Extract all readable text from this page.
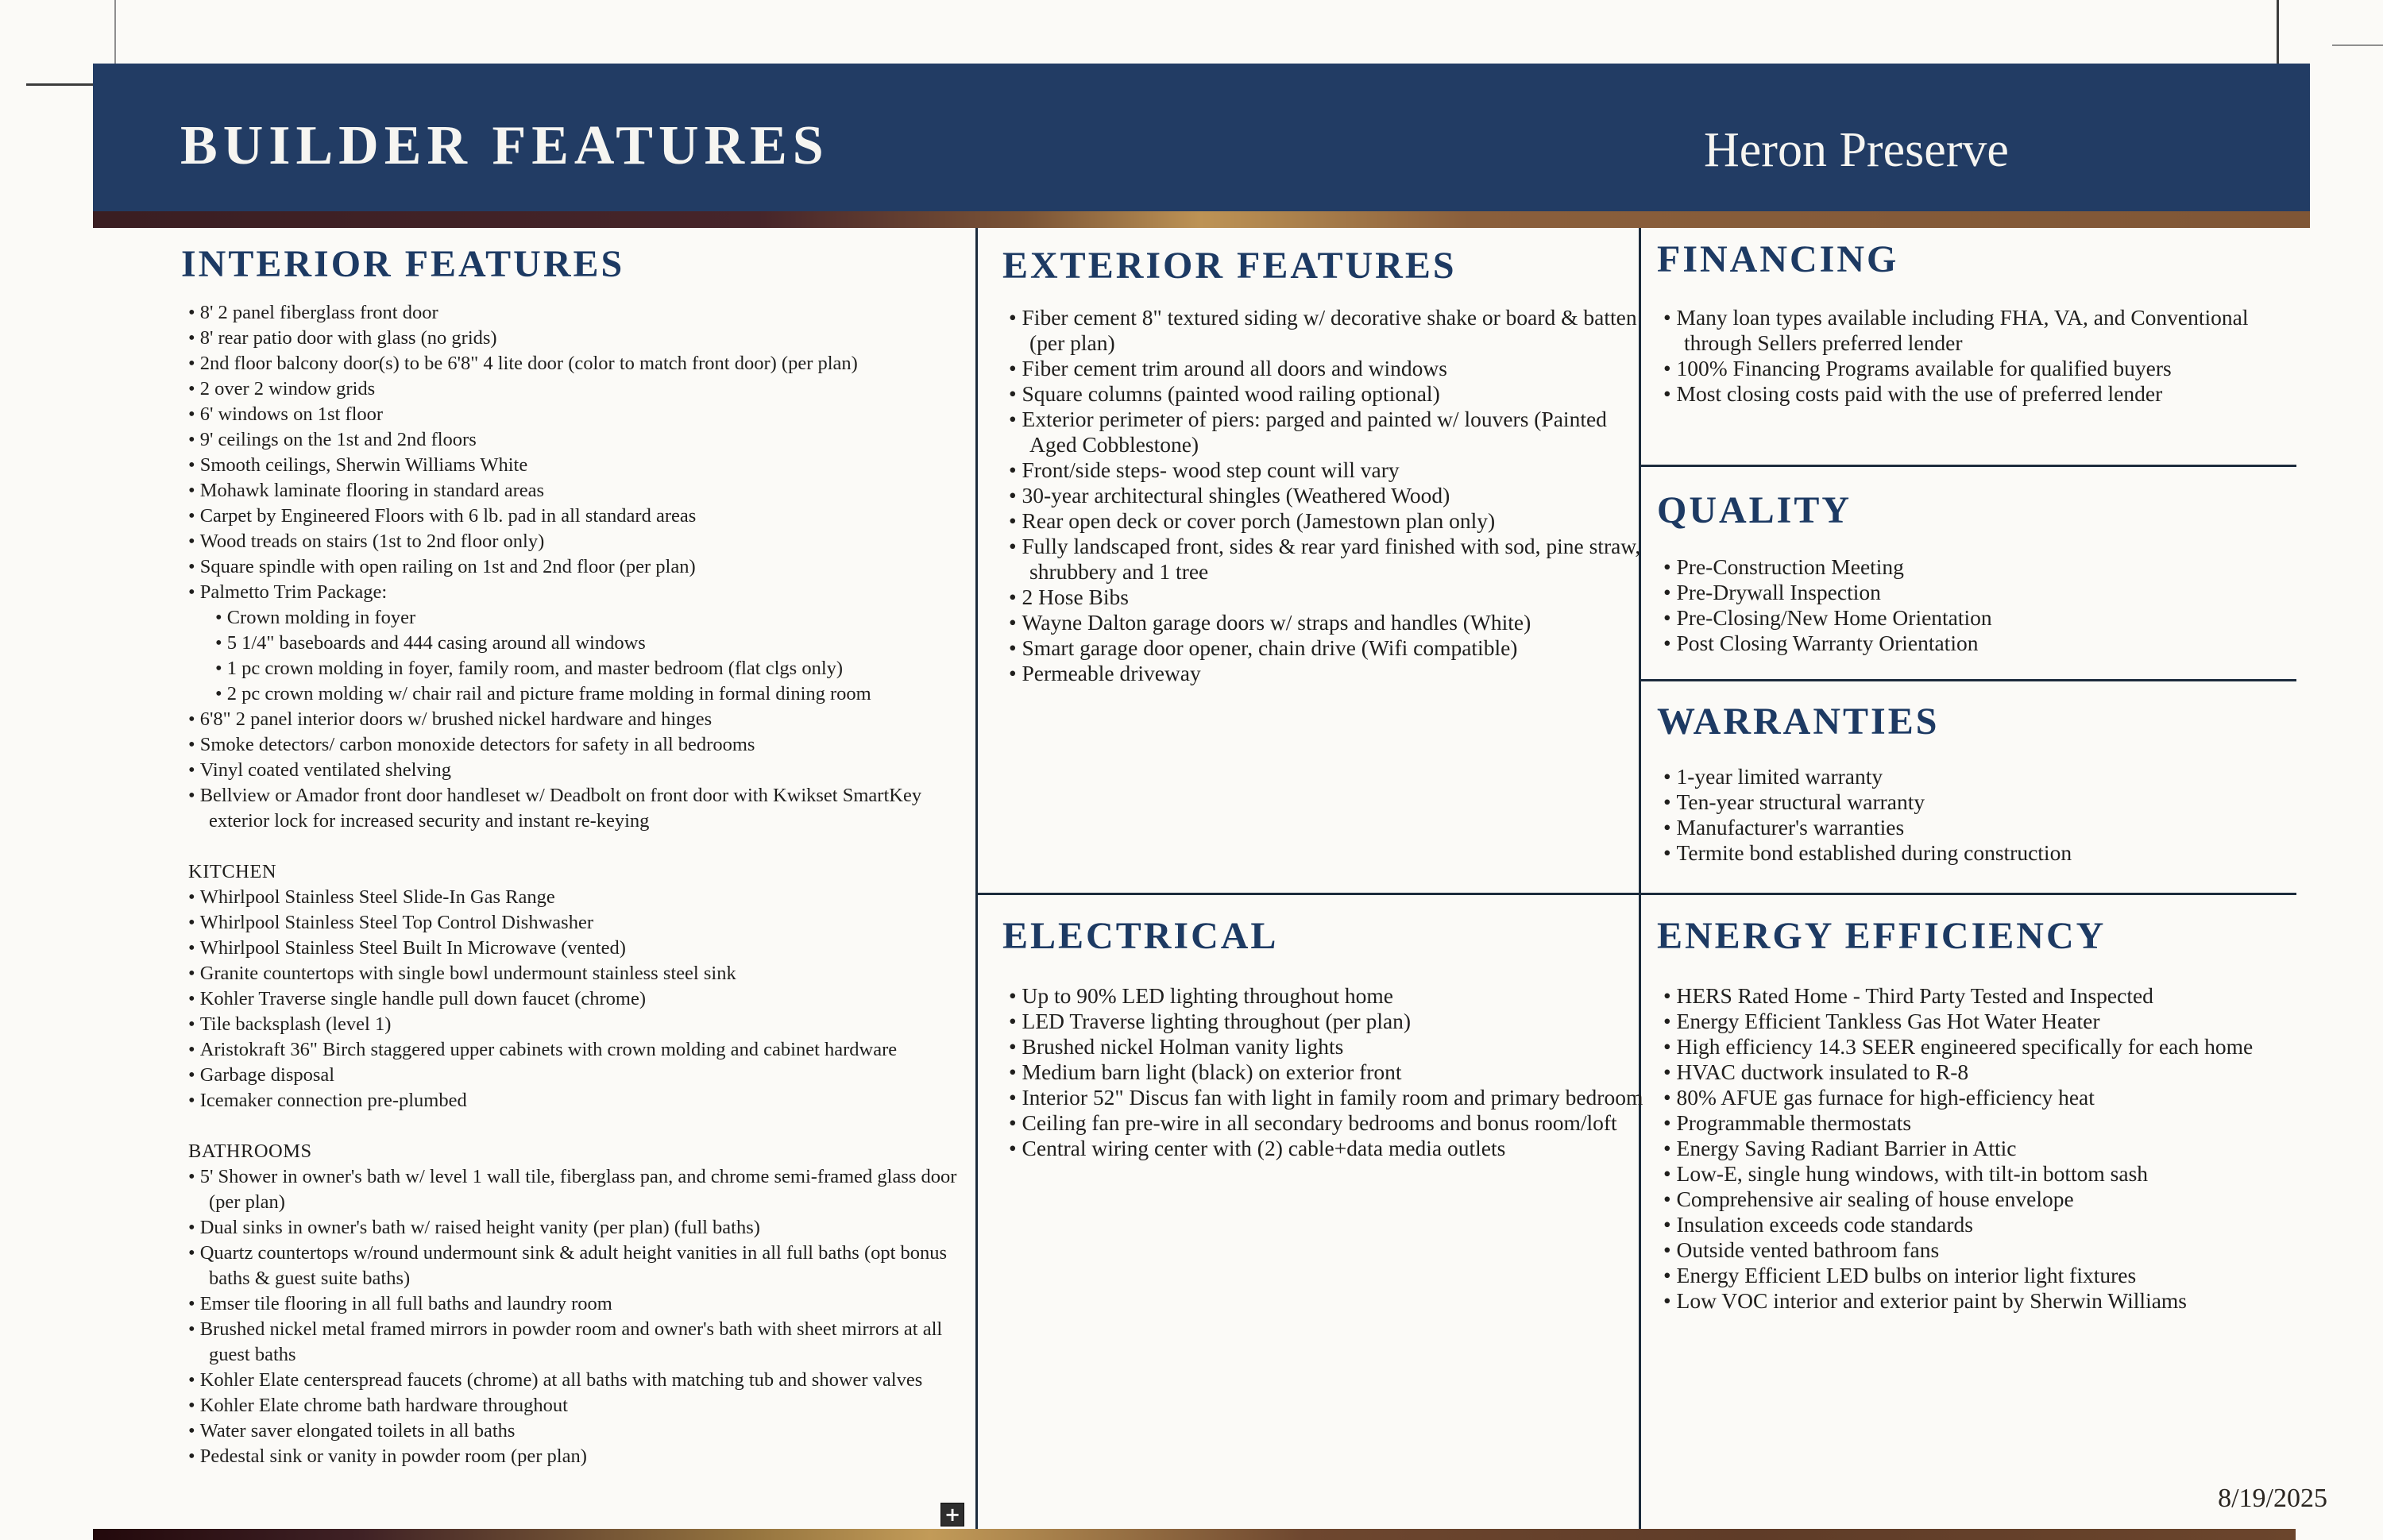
BUILDER FEATURES	Heron Preserve
INTERIOR FEATURES
• 8' 2 panel fiberglass front door
• 8' rear patio door with glass (no grids)
• 2nd floor balcony door(s) to be 6'8" 4 lite door (color to match front door) (per plan)
• 2 over 2 window grids
• 6' windows on 1st floor
• 9' ceilings on the 1st and 2nd floors
• Smooth ceilings, Sherwin Williams White
• Mohawk laminate flooring in standard areas
• Carpet by Engineered Floors with 6 lb. pad in all standard areas
• Wood treads on stairs (1st to 2nd floor only)
• Square spindle with open railing on 1st and 2nd floor (per plan)
• Palmetto Trim Package:
• Crown molding in foyer
• 5 1/4" baseboards and 444 casing around all windows
• 1 pc crown molding in foyer, family room, and master bedroom (flat clgs only)
• 2 pc crown molding w/ chair rail and picture frame molding in formal dining room
• 6'8" 2 panel interior doors w/ brushed nickel hardware and hinges
• Smoke detectors/ carbon monoxide detectors for safety in all bedrooms
• Vinyl coated ventilated shelving
• Bellview or Amador front door handleset w/ Deadbolt on front door with Kwikset SmartKey exterior lock for increased security and instant re-keying
KITCHEN
• Whirlpool Stainless Steel Slide-In Gas Range
• Whirlpool Stainless Steel Top Control Dishwasher
• Whirlpool Stainless Steel Built In Microwave (vented)
• Granite countertops with single bowl undermount stainless steel sink
• Kohler Traverse single handle pull down faucet (chrome)
• Tile backsplash (level 1)
• Aristokraft 36" Birch staggered upper cabinets with crown molding and cabinet hardware
• Garbage disposal
• Icemaker connection pre-plumbed
BATHROOMS
• 5' Shower in owner's bath w/ level 1 wall tile, fiberglass pan, and chrome semi-framed glass door (per plan)
• Dual sinks in owner's bath w/ raised height vanity (per plan) (full baths)
• Quartz countertops w/round undermount sink & adult height vanities in all full baths (opt bonus baths & guest suite baths)
• Emser tile flooring in all full baths and laundry room
• Brushed nickel metal framed mirrors in powder room and owner's bath with sheet mirrors at all guest baths
• Kohler Elate centerspread faucets (chrome) at all baths with matching tub and shower valves
• Kohler Elate chrome bath hardware throughout
• Water saver elongated toilets in all baths
• Pedestal sink or vanity in powder room (per plan)
EXTERIOR FEATURES
• Fiber cement 8" textured siding w/ decorative shake or board & batten (per plan)
• Fiber cement trim around all doors and windows
• Square columns (painted wood railing optional)
• Exterior perimeter of piers: parged and painted w/ louvers (Painted Aged Cobblestone)
• Front/side steps- wood step count will vary
• 30-year architectural shingles (Weathered Wood)
• Rear open deck or cover porch (Jamestown plan only)
• Fully landscaped front, sides & rear yard finished with sod, pine straw, shrubbery and 1 tree
• 2 Hose Bibs
• Wayne Dalton garage doors w/ straps and handles (White)
• Smart garage door opener, chain drive (Wifi compatible)
• Permeable driveway
ELECTRICAL
• Up to 90% LED lighting throughout home
• LED Traverse lighting throughout (per plan)
• Brushed nickel Holman vanity lights
• Medium barn light (black) on exterior front
• Interior 52" Discus fan with light in family room and primary bedroom
• Ceiling fan pre-wire in all secondary bedrooms and bonus room/loft
• Central wiring center with (2) cable+data media outlets
FINANCING
• Many loan types available including FHA, VA, and Conventional through Sellers preferred lender
• 100% Financing Programs available for qualified buyers
• Most closing costs paid with the use of preferred lender
QUALITY
• Pre-Construction Meeting
• Pre-Drywall Inspection
• Pre-Closing/New Home Orientation
• Post Closing Warranty Orientation
WARRANTIES
• 1-year limited warranty
• Ten-year structural warranty
• Manufacturer's warranties
• Termite bond established during construction
ENERGY EFFICIENCY
• HERS Rated Home - Third Party Tested and Inspected
• Energy Efficient Tankless Gas Hot Water Heater
• High efficiency 14.3 SEER engineered specifically for each home
• HVAC ductwork insulated to R-8
• 80% AFUE gas furnace for high-efficiency heat
• Programmable thermostats
• Energy Saving Radiant Barrier in Attic
• Low-E, single hung windows, with tilt-in bottom sash
• Comprehensive air sealing of house envelope
• Insulation exceeds code standards
• Outside vented bathroom fans
• Energy Efficient LED bulbs on interior light fixtures
• Low VOC interior and exterior paint by Sherwin Williams
8/19/2025
+
